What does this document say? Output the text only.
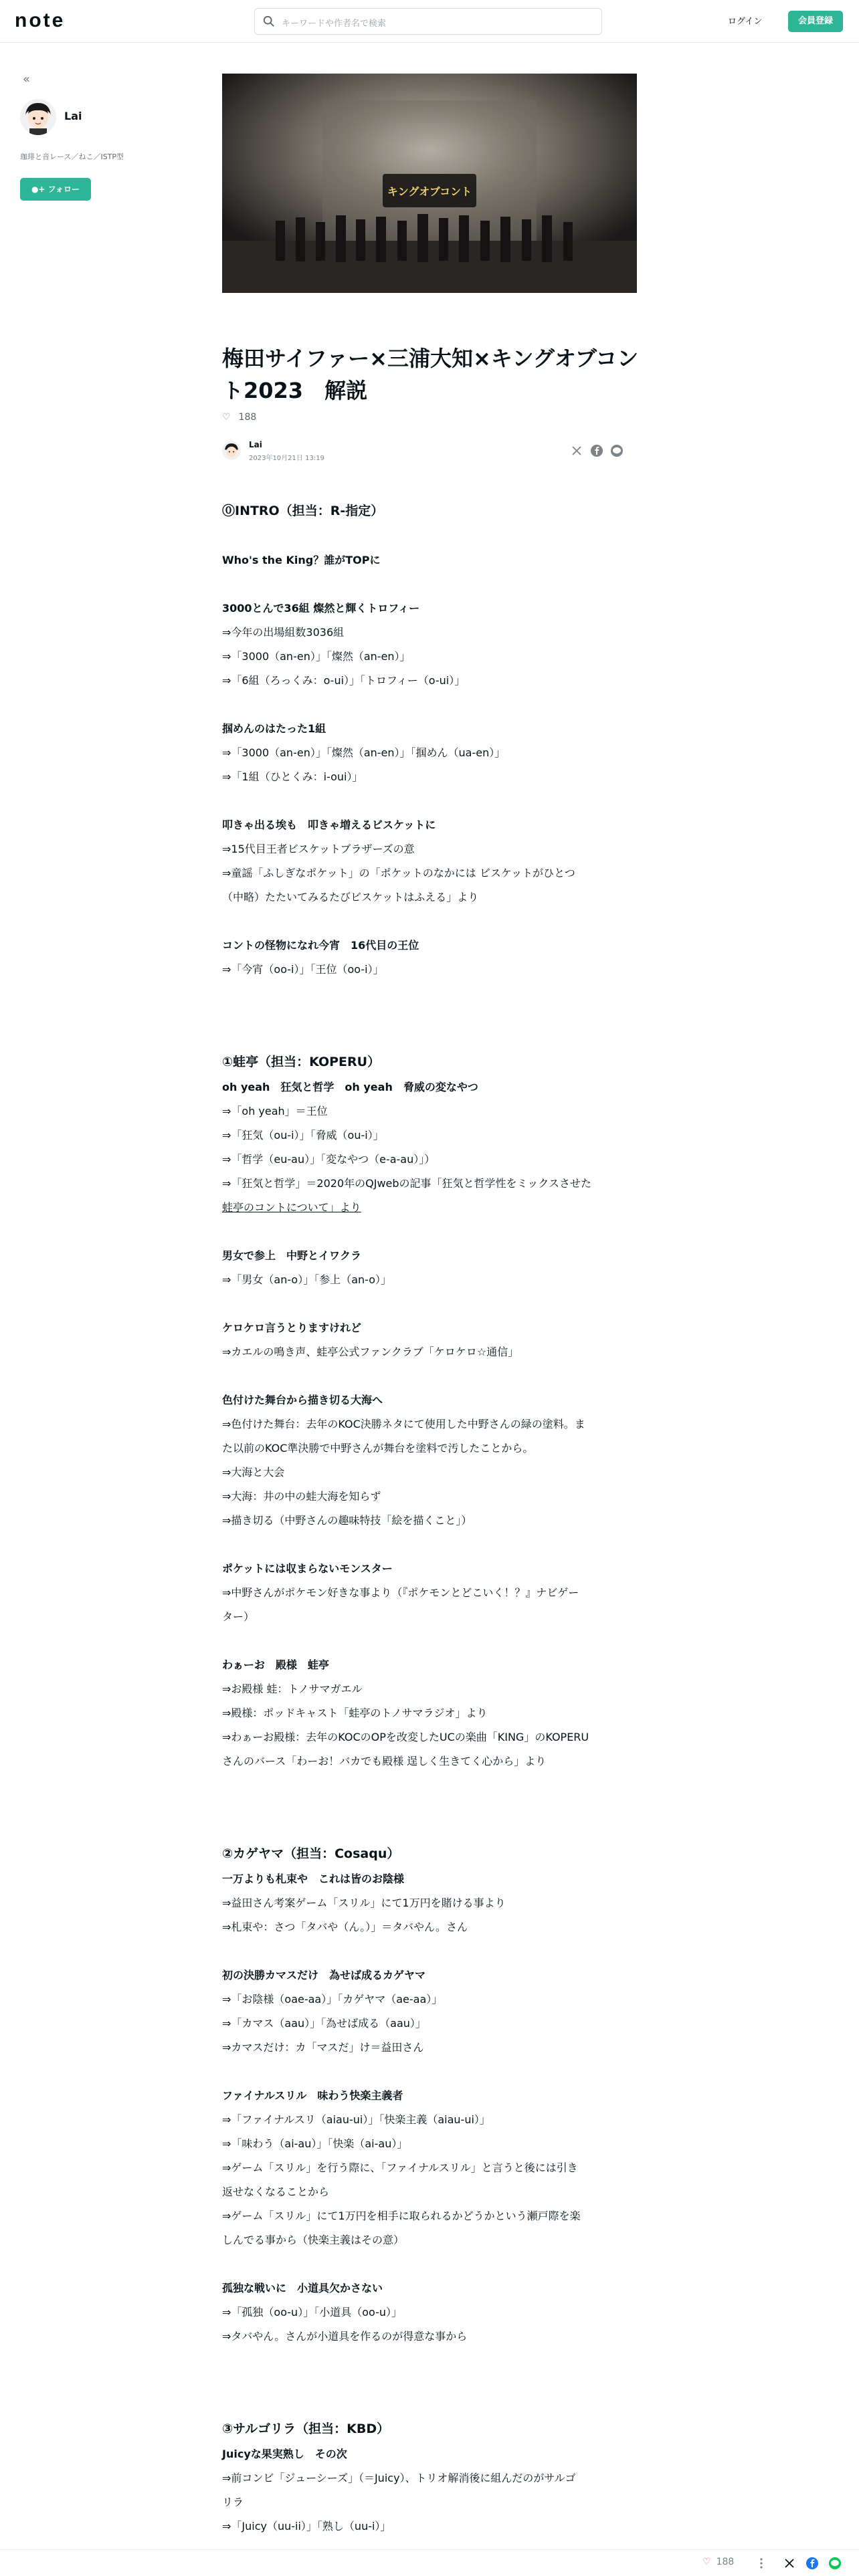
note	キーワードや作者名で検索	ログイン	会員登録
«
Lai
珈琲と音レース／ねこ／ISTP型
●+ フォロー	キングオブコント
梅田サイファー×三浦大知×キングオブコント2023　解説
♡ 188
Lai
2023年10月21日 13:19
⓪INTRO（担当：R-指定）
Who's the King？誰がTOPに
3000とんで36組 燦然と輝くトロフィー
⇒今年の出場組数3036組
⇒「3000（an-en）」「燦然（an-en）」
⇒「6組（ろっくみ：o-ui）」「トロフィー（o-ui）」
掴めんのはたった1組
⇒「3000（an-en）」「燦然（an-en）」「掴めん（ua-en）」
⇒「1組（ひとくみ：i-oui）」
叩きゃ出る埃も　叩きゃ増えるビスケットに
⇒15代目王者ビスケットブラザーズの意
⇒童謡「ふしぎなポケット」の「ポケットのなかには ビスケットがひとつ
（中略）たたいてみるたびビスケットはふえる」より
コントの怪物になれ今宵　16代目の王位
⇒「今宵（oo-i）」「王位（oo-i）」
①蛙亭（担当：KOPERU）
oh yeah　狂気と哲学　oh yeah　脅威の変なやつ
⇒「oh yeah」＝王位
⇒「狂気（ou-i）」「脅威（ou-i）」
⇒「哲学（eu-au）」「変なやつ（e-a-au）」）
⇒「狂気と哲学」＝2020年のQJwebの記事「狂気と哲学性をミックスさせた
蛙亭のコントについて」より
男女で参上　中野とイワクラ
⇒「男女（an-o）」「参上（an-o）」
ケロケロ言うとりますけれど
⇒カエルの鳴き声、蛙亭公式ファンクラブ「ケロケロ☆通信」
色付けた舞台から描き切る大海へ
⇒色付けた舞台：去年のKOC決勝ネタにて使用した中野さんの緑の塗料。ま
た以前のKOC準決勝で中野さんが舞台を塗料で汚したことから。
⇒大海と大会
⇒大海：井の中の蛙大海を知らず
⇒描き切る（中野さんの趣味特技「絵を描くこと」）
ポケットには収まらないモンスター
⇒中野さんがポケモン好きな事より（『ポケモンとどこいく！？』ナビゲー
ター）
わぁーお　殿様　蛙亭
⇒お殿様 蛙：トノサマガエル
⇒殿様：ポッドキャスト「蛙亭のトノサマラジオ」より
⇒わぁーお殿様：去年のKOCのOPを改変したUCの楽曲「KING」のKOPERU
さんのバース「わーお！バカでも殿様 逞しく生きてく心から」より
②カゲヤマ（担当：Cosaqu）
一万よりも札束や　これは皆のお陰様
⇒益田さん考案ゲーム「スリル」にて1万円を賭ける事より
⇒札束や：さつ「タバや（ん。）」＝タバやん。さん
初の決勝カマスだけ　為せば成るカゲヤマ
⇒「お陰様（oae-aa）」「カゲヤマ（ae-aa）」
⇒「カマス（aau）」「為せば成る（aau）」
⇒カマスだけ：カ「マスだ」け＝益田さん
ファイナルスリル　味わう快楽主義者
⇒「ファイナルスリ（aiau-ui）」「快楽主義（aiau-ui）」
⇒「味わう（ai-au）」「快楽（ai-au）」
⇒ゲーム「スリル」を行う際に、「ファイナルスリル」と言うと後には引き
返せなくなることから
⇒ゲーム「スリル」にて1万円を相手に取られるかどうかという瀬戸際を楽
しんでる事から（快楽主義はその意）
孤独な戦いに　小道具欠かさない
⇒「孤独（oo-u）」「小道具（oo-u）」
⇒タバやん。さんが小道具を作るのが得意な事から
③サルゴリラ（担当：KBD）
Juicyな果実熟し　その次
⇒前コンビ「ジューシーズ」（＝Juicy）、トリオ解消後に組んだのがサルゴ
リラ
⇒「Juicy（uu-ii）」「熟し（uu-i）」
♡ 188
